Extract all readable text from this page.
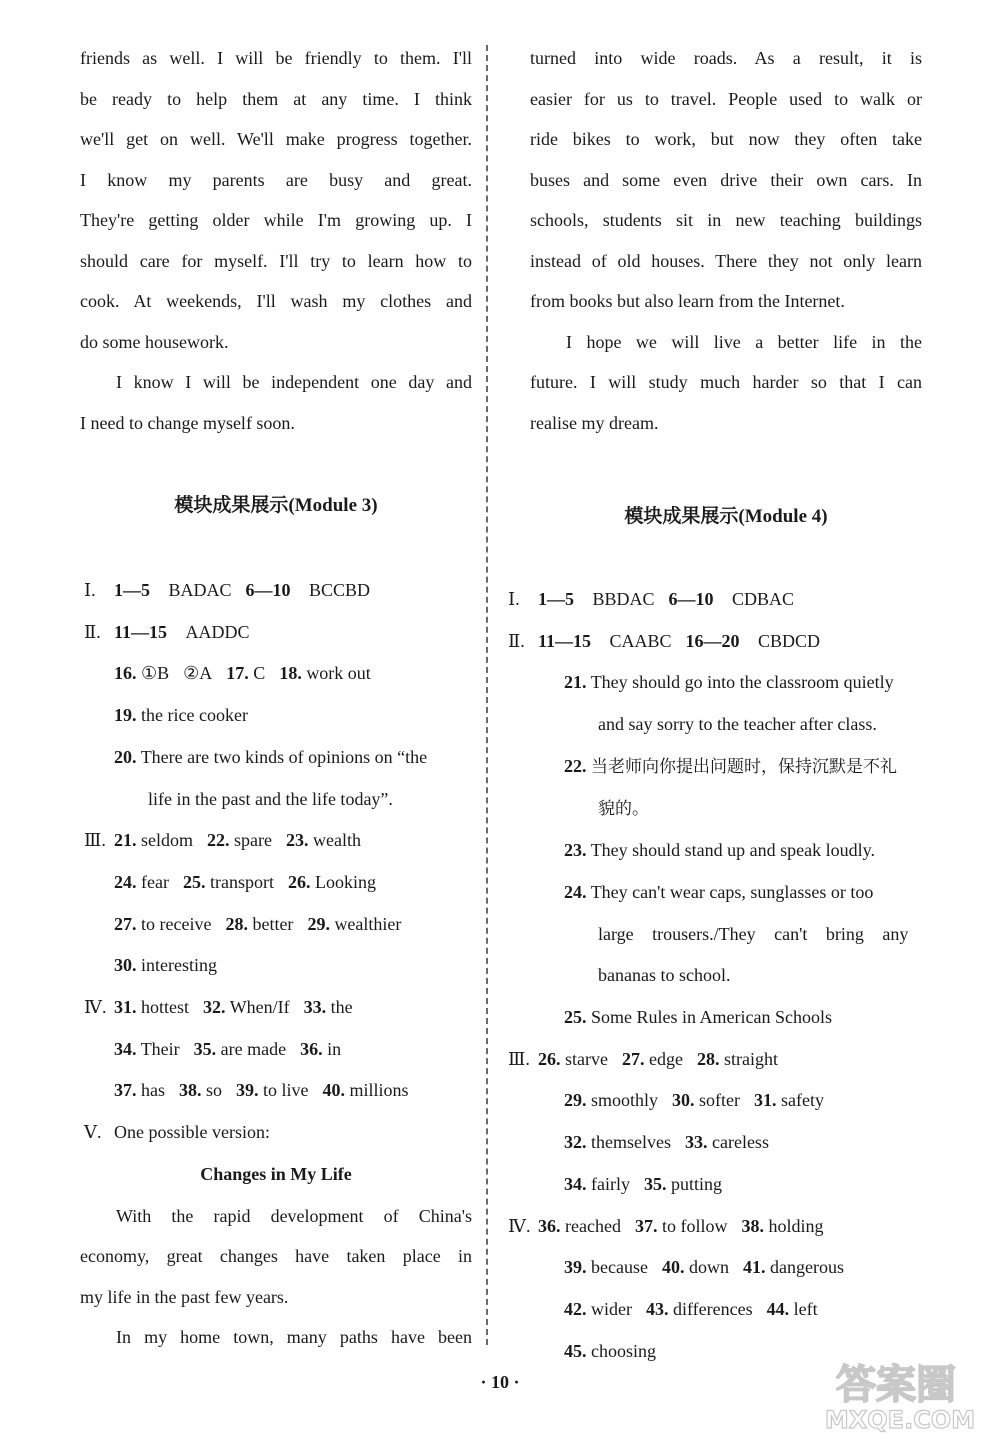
friends as well. I will be friendly to them. I'll
be ready to help them at any time. I think
we'll get on well. We'll make progress together.
I know my parents are busy and great.
They're getting older while I'm growing up. I
should care for myself. I'll try to learn how to
cook. At weekends, I'll wash my clothes and
do some housework.
I know I will be independent one day and
I need to change myself soon.
模块成果展示(Module 3)
Ⅰ. 1—5 BADAC 6—10 BCCBD
Ⅱ. 11—15 AADDC
16. ①B ②A 17. C 18. work out
19. the rice cooker
20. There are two kinds of opinions on “the
life in the past and the life today”.
Ⅲ. 21. seldom 22. spare 23. wealth
24. fear 25. transport 26. Looking
27. to receive 28. better 29. wealthier
30. interesting
Ⅳ. 31. hottest 32. When/If 33. the
34. Their 35. are made 36. in
37. has 38. so 39. to live 40. millions
Ⅴ. One possible version:
Changes in My Life
With the rapid development of China's
economy, great changes have taken place in
my life in the past few years.
In my home town, many paths have been
turned into wide roads. As a result, it is
easier for us to travel. People used to walk or
ride bikes to work, but now they often take
buses and some even drive their own cars. In
schools, students sit in new teaching buildings
instead of old houses. There they not only learn
from books but also learn from the Internet.
I hope we will live a better life in the
future. I will study much harder so that I can
realise my dream.
模块成果展示(Module 4)
Ⅰ. 1—5 BBDAC 6—10 CDBAC
Ⅱ. 11—15 CAABC 16—20 CBDCD
21. They should go into the classroom quietly
and say sorry to the teacher after class.
22. 当老师向你提出问题时，保持沉默是不礼
貌的。
23. They should stand up and speak loudly.
24. They can't wear caps, sunglasses or too
large trousers./They can't bring any
bananas to school.
25. Some Rules in American Schools
Ⅲ. 26. starve 27. edge 28. straight
29. smoothly 30. softer 31. safety
32. themselves 33. careless
34. fairly 35. putting
Ⅳ. 36. reached 37. to follow 38. holding
39. because 40. down 41. dangerous
42. wider 43. differences 44. left
45. choosing
· 10 ·	答案圈
MXQE.COM
